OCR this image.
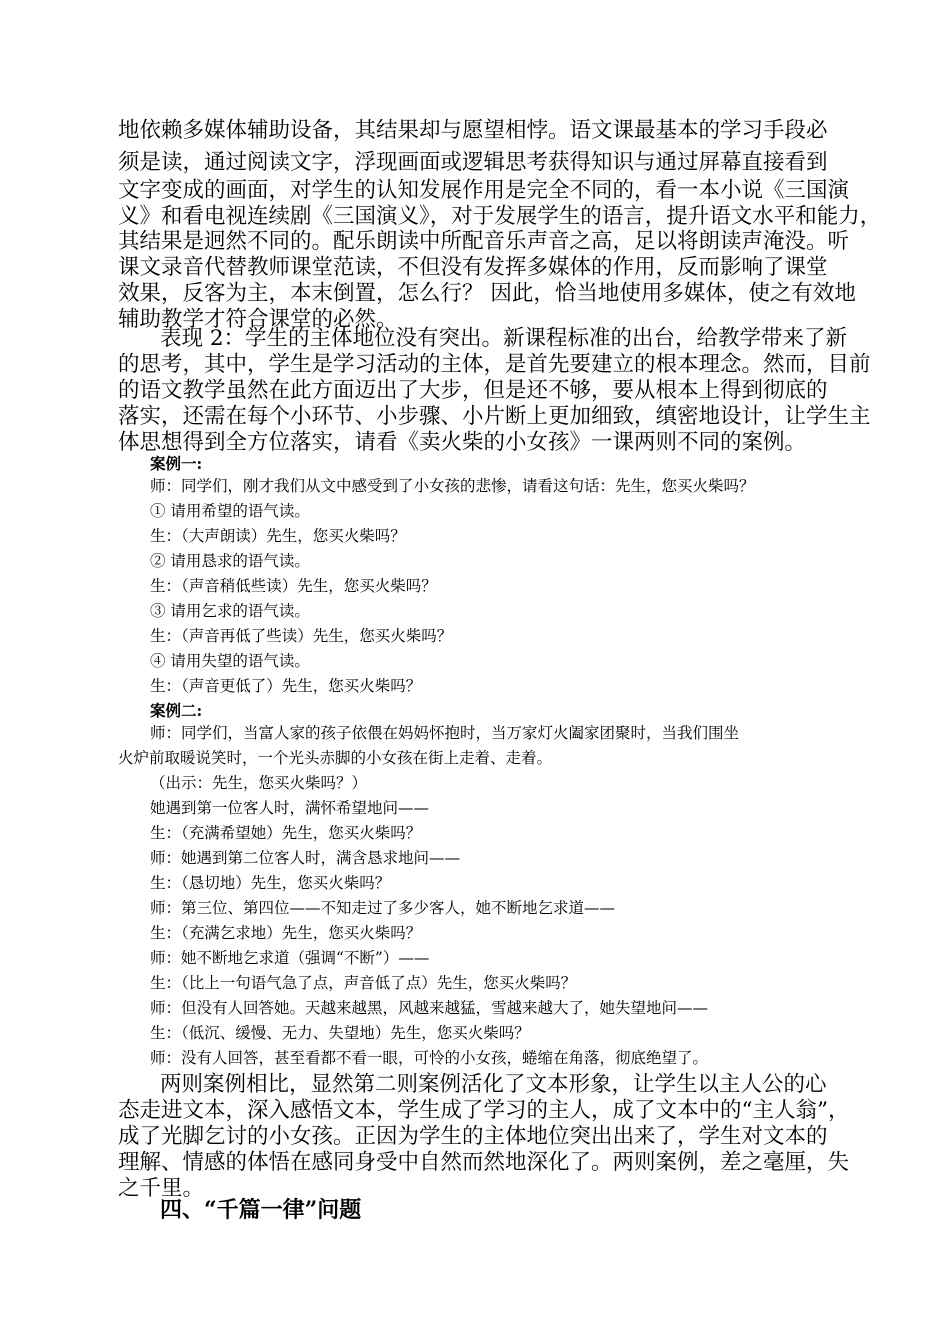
地依赖多媒体辅助设备，其结果却与愿望相悖。语文课最基本的学习手段必

须是读，通过阅读文字，浮现画面或逻辑思考获得知识与通过屏幕直接看到

文字变成的画面，对学生的认知发展作用是完全不同的，看一本小说《三国演

义》和看电视连续剧《三国演义》，对于发展学生的语言，提升语文水平和能力，

其结果是迥然不同的。配乐朗读中所配音乐声音之高，足以将朗读声淹没。听

课文录音代替教师课堂范读，不但没有发挥多媒体的作用，反而影响了课堂

效果，反客为主，本末倒置，怎么行？ 因此，恰当地使用多媒体，使之有效地

辅助教学才符合课堂的必然。

表现 2：学生的主体地位没有突出。新课程标准的出台，给教学带来了新

的思考，其中，学生是学习活动的主体，是首先要建立的根本理念。然而，目前

的语文教学虽然在此方面迈出了大步，但是还不够，要从根本上得到彻底的

落实，还需在每个小环节、小步骤、小片断上更加细致，缜密地设计，让学生主

体思想得到全方位落实，请看《卖火柴的小女孩》一课两则不同的案例。

案例一:

师：同学们，刚才我们从文中感受到了小女孩的悲惨，请看这句话：先生，您买火柴吗？

① 请用希望的语气读。

生：（大声朗读）先生，您买火柴吗？

② 请用恳求的语气读。

生：（声音稍低些读）先生，您买火柴吗？

③ 请用乞求的语气读。

生：（声音再低了些读）先生，您买火柴吗？

④ 请用失望的语气读。

生：（声音更低了）先生，您买火柴吗？

案例二:

师：同学们，当富人家的孩子依偎在妈妈怀抱时，当万家灯火阖家团聚时，当我们围坐

火炉前取暖说笑时，一个光头赤脚的小女孩在街上走着、走着。

（出示：先生，您买火柴吗？）

她遇到第一位客人时，满怀希望地问——

生：（充满希望她）先生，您买火柴吗？

师：她遇到第二位客人时，满含恳求地问——

生：（恳切地）先生，您买火柴吗？

师：第三位、第四位——不知走过了多少客人，她不断地乞求道——

生：（充满乞求地）先生，您买火柴吗？

师：她不断地乞求道（强调“不断”）——

生：（比上一句语气急了点，声音低了点）先生，您买火柴吗？

师：但没有人回答她。天越来越黑，风越来越猛，雪越来越大了，她失望地问——

生：（低沉、缓慢、无力、失望地）先生，您买火柴吗？

师：没有人回答，甚至看都不看一眼，可怜的小女孩，蜷缩在角落，彻底绝望了。

两则案例相比，显然第二则案例活化了文本形象，让学生以主人公的心

态走进文本，深入感悟文本，学生成了学习的主人，成了文本中的“主人翁”，

成了光脚乞讨的小女孩。正因为学生的主体地位突出出来了，学生对文本的

理解、情感的体悟在感同身受中自然而然地深化了。两则案例，差之毫厘，失

之千里。

四、“千篇一律”问题
